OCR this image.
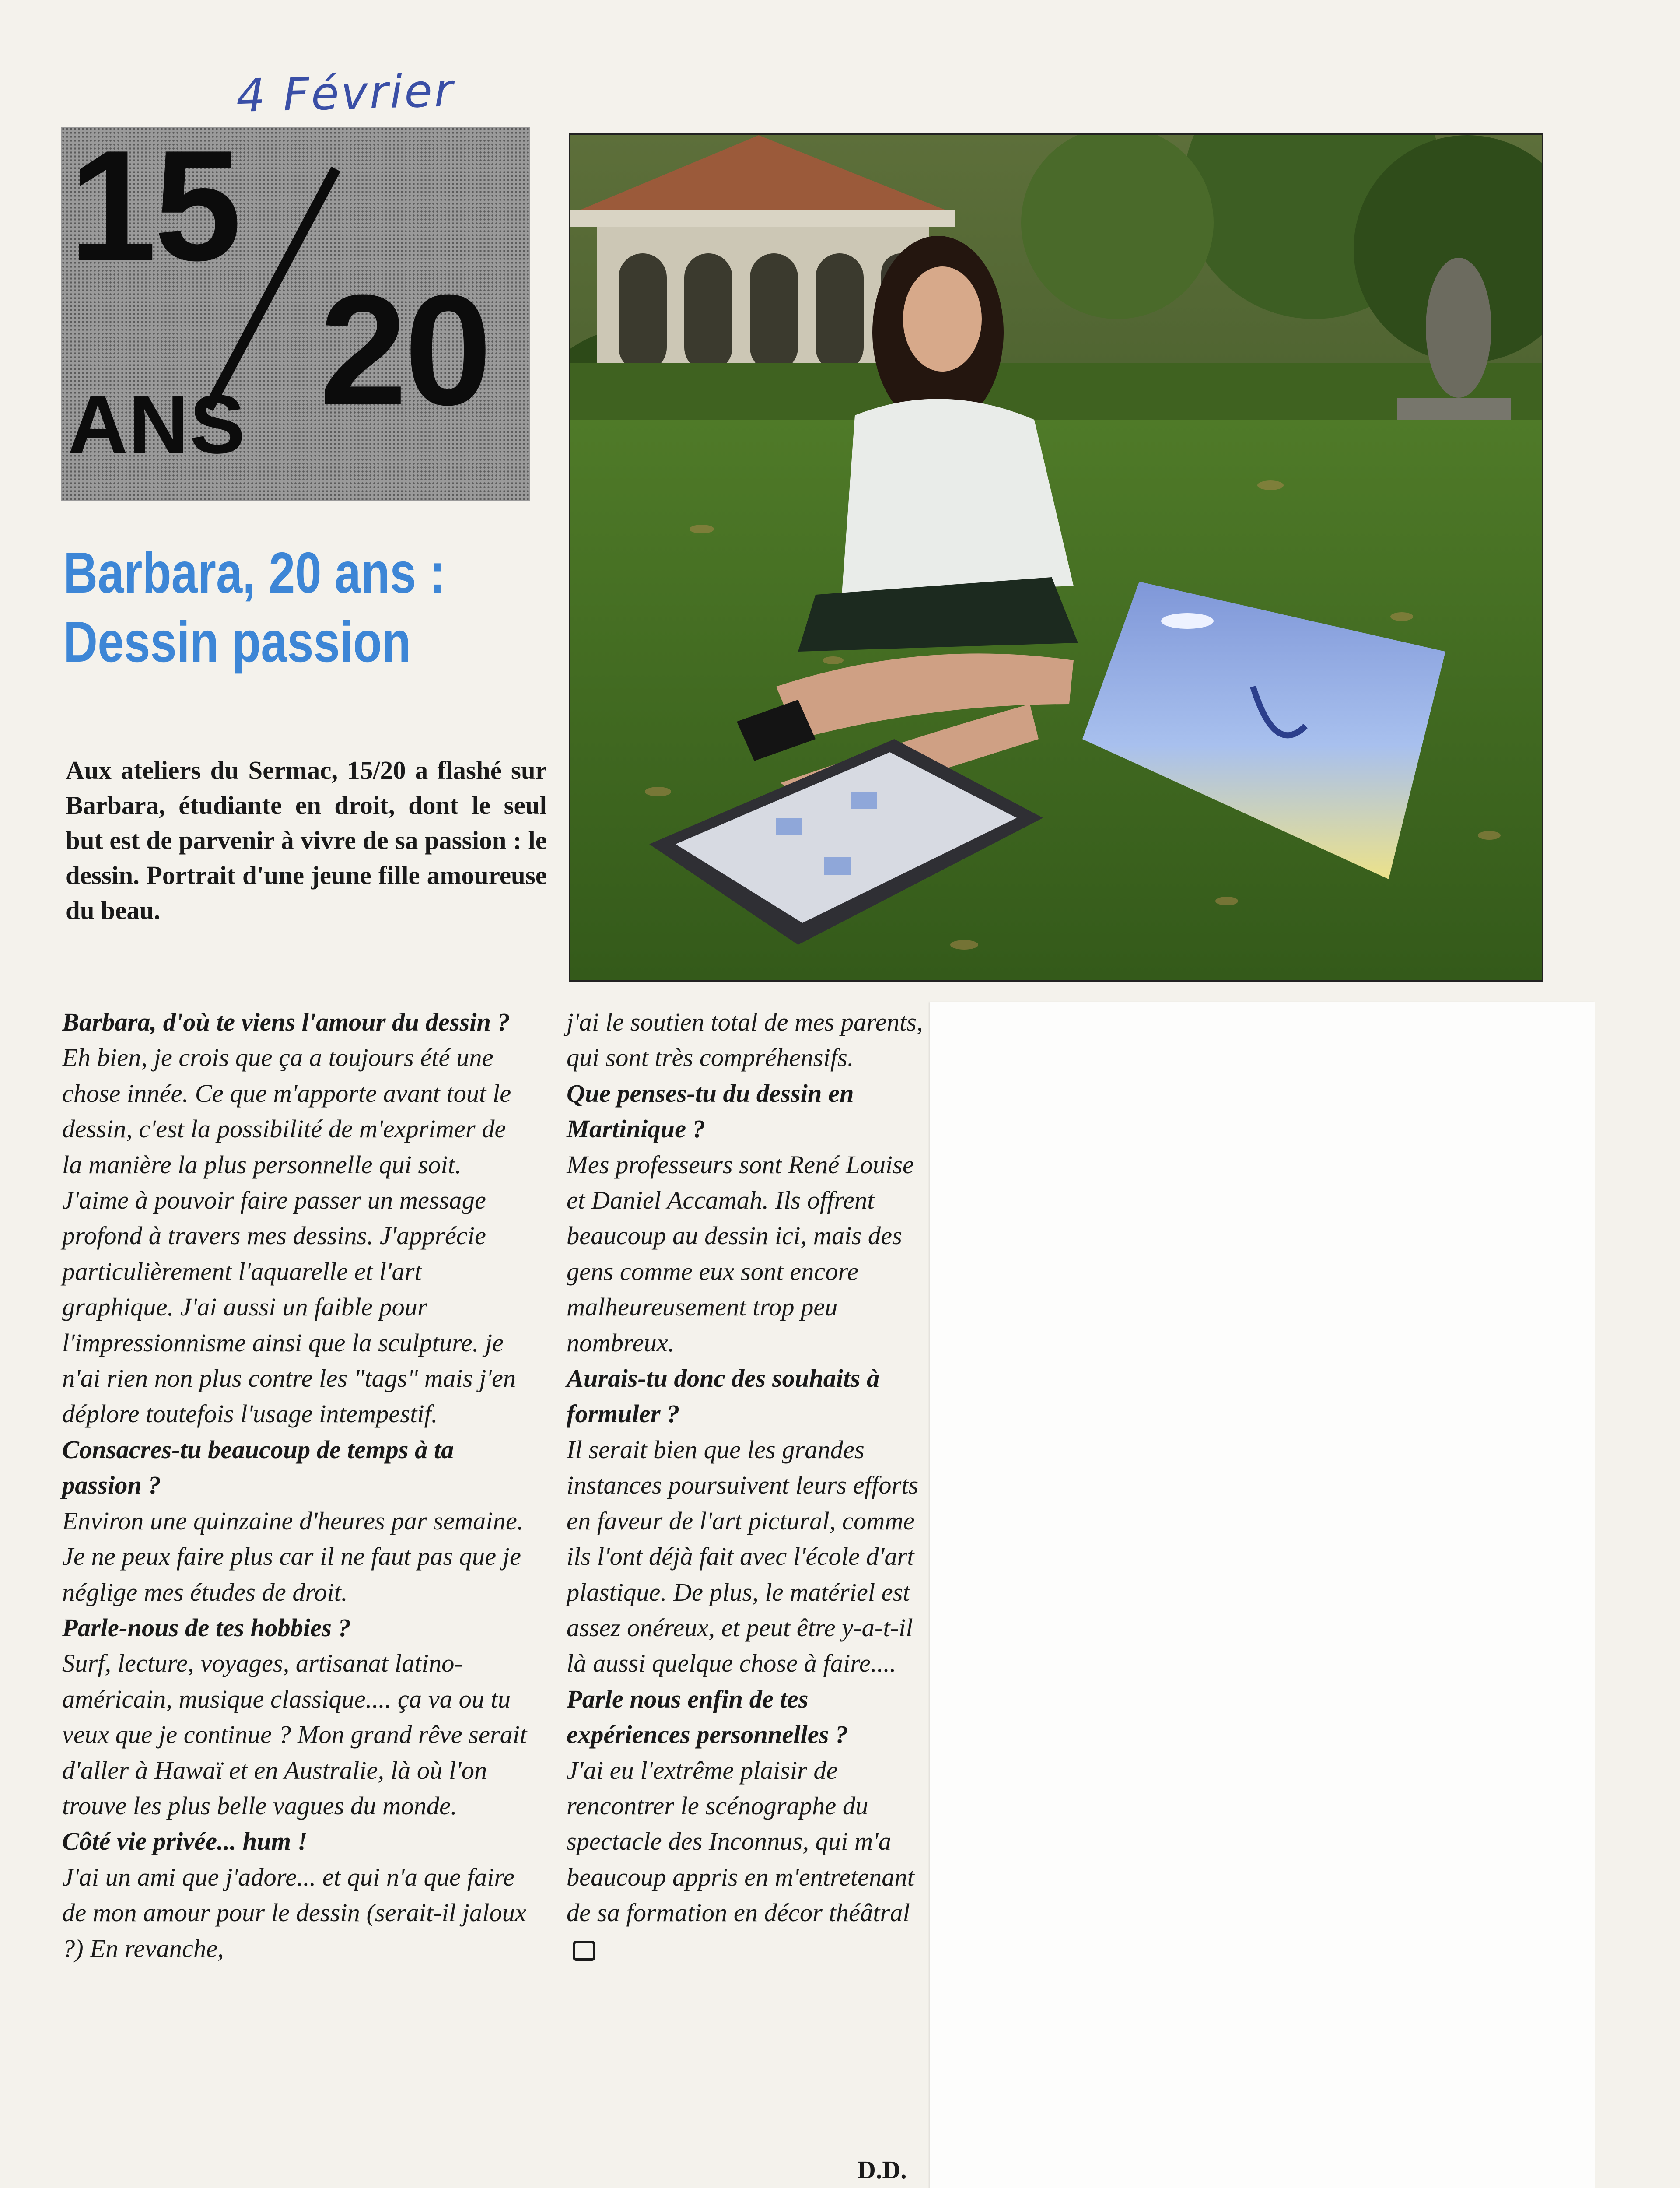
4 Février
15
20
ANS
Barbara, 20 ans :
Dessin passion
Aux ateliers du Sermac, 15/20 a flashé sur Barbara, étudiante en droit, dont le seul but est de parvenir à vivre de sa passion : le dessin. Portrait d'une jeune fille amoureuse du beau.

Barbara, d'où te viens l'amour du dessin ?

Eh bien, je crois que ça a toujours été une chose innée. Ce que m'apporte avant tout le dessin, c'est la possibilité de m'exprimer de la manière la plus personnelle qui soit. J'aime à pouvoir faire passer un message profond à travers mes dessins. J'apprécie particulièrement l'aquarelle et l'art graphique. J'ai aussi un faible pour l'impressionnisme ainsi que la sculpture. je n'ai rien non plus contre les "tags" mais j'en déplore toutefois l'usage intempestif.

Consacres-tu beaucoup de temps à ta passion ?

Environ une quinzaine d'heures par semaine. Je ne peux faire plus car il ne faut pas que je néglige mes études de droit.

Parle-nous de tes hobbies ?

Surf, lecture, voyages, artisanat latino-américain, musique classique.... ça va ou tu veux que je continue ? Mon grand rêve serait d'aller à Hawaï et en Australie, là où l'on trouve les plus belle vagues du monde.

Côté vie privée... hum !

J'ai un ami que j'adore... et qui n'a que faire de mon amour pour le dessin (serait-il jaloux ?) En revanche,

j'ai le soutien total de mes parents, qui sont très compréhensifs.

Que penses-tu du dessin en Martinique ?

Mes professeurs sont René Louise et Daniel Accamah. Ils offrent beaucoup au dessin ici, mais des gens comme eux sont encore malheureusement trop peu nombreux.

Aurais-tu donc des souhaits à formuler ?

Il serait bien que les grandes instances poursuivent leurs efforts en faveur de l'art pictural, comme ils l'ont déjà fait avec l'école d'art plastique. De plus, le matériel est assez onéreux, et peut être y-a-t-il là aussi quelque chose à faire....

Parle nous enfin de tes expériences personnelles ?

J'ai eu l'extrême plaisir de rencontrer le scénographe du spectacle des Inconnus, qui m'a beaucoup appris en m'entretenant de sa formation en décor théâtral

D.D.
